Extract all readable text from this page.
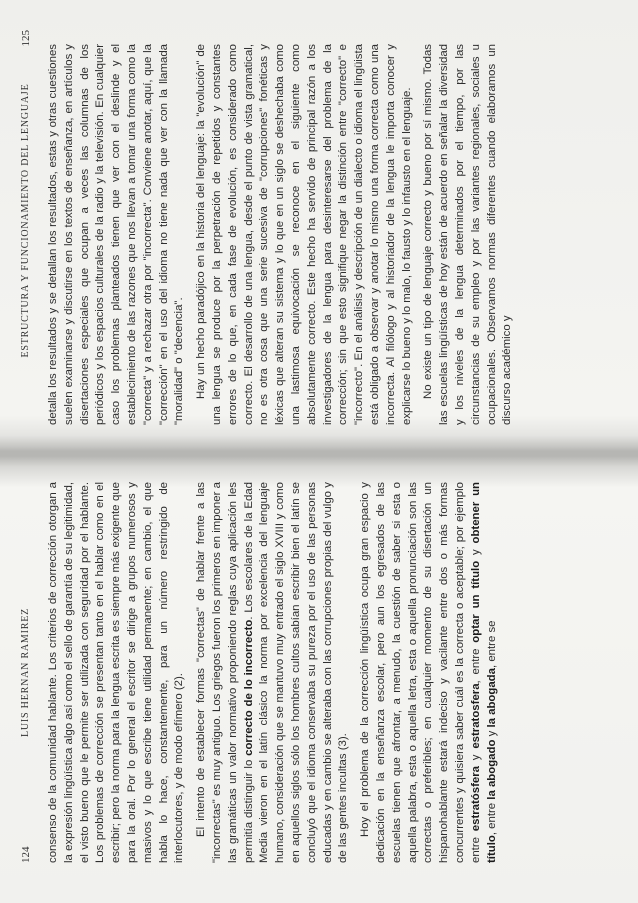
124
LUIS HERNAN RAMIREZ consenso de la comunidad hablante. Los criterios de corrección otorgan a la expresión lingüística algo así como el sello de garantía de su legitimidad, el visto bueno que le permite ser utilizada con seguridad por el hablante. Los problemas de corrección se presentan tanto en el hablar como en el escribir; pero la norma para la lengua escrita es siempre más exigente que para la oral. Por lo general el escritor se dirige a grupos numerosos y masivos y lo que escribe tiene utilidad permanente; en cambio, el que habla lo hace, constantemente, para un número restringido de interlocutores, y de modo efímero (2). El intento de establecer formas "correctas" de hablar frente a las "incorrectas" es muy antiguo. Los griegos fueron los primeros en imponer a las gramáticas un valor normativo proponiendo reglas cuya aplicación les permitía distinguir lo correcto de lo incorrecto. Los escolares de la Edad Media vieron en el latín clásico la norma por excelencia del lenguaje humano, consideración que se mantuvo muy entrado el siglo XVIII y como en aquellos siglos sólo los hombres cultos sabían escribir bien el latín se concluyó que el idioma conservaba su pureza por el uso de las personas educadas y en cambio se alteraba con las corrupciones propias del vulgo y de las gentes incultas (3). Hoy el problema de la corrección lingüística ocupa gran espacio y dedicación en la enseñanza escolar, pero aun los egresados de las escuelas tienen que afrontar, a menudo, la cuestión de saber si esta o aquella palabra, esta o aquella letra, esta o aquella pronunciación son las correctas o preferibles; en cualquier momento de su disertación un hispanohablante estará indeciso y vacilante entre dos o más formas concurrentes y quisiera saber cuál es la correcta o aceptable; por ejemplo entre estratósfera y estratosfera, entre optar un título y obtener un título, entre la abogado y la abogada, entre se

ESTRUCTURA Y FUNCIONAMIENTO DEL LENGUAJE
125

detalla los resultados y se detallan los resultados, estas y otras cuestiones suelen examinarse y discutirse en los textos de enseñanza, en artículos y disertaciones especiales que ocupan a veces las columnas de los periódicos y los espacios culturales de la radio y la televisión. En cualquier caso los problemas planteados tienen que ver con el deslinde y el establecimiento de las razones que nos llevan a tomar una forma como la "correcta" y a rechazar otra por "incorrecta". Conviene anotar, aquí, que la "corrección" en el uso del idioma no tiene nada que ver con la llamada "moralidad" o "decencia". Hay un hecho paradójico en la historia del lenguaje: la "evolución" de una lengua se produce por la perpetración de repetidos y constantes errores de lo que, en cada fase de evolución, es considerado como correcto. El desarrollo de una lengua, desde el punto de vista gramatical, no es otra cosa que una serie sucesiva de "corrupciones" fonéticas y léxicas que alteran su sistema y lo que en un siglo se deshechaba como una lastimosa equivocación se reconoce en el siguiente como absolutamente correcto. Este hecho ha servido de principal razón a los investigadores de la lengua para desinteresarse del problema de la corrección; sin que esto signifique negar la distinción entre "correcto" e "incorrecto". En el análisis y descripción de un dialecto o idioma el lingüista está obligado a observar y anotar lo mismo una forma correcta como una incorrecta. Al filólogo y al historiador de la lengua le importa conocer y explicarse lo bueno y lo malo, lo fausto y lo infausto en el lenguaje. No existe un tipo de lenguaje correcto y bueno por sí mismo. Todas las escuelas lingüísticas de hoy están de acuerdo en señalar la diversidad y los niveles de la lengua determinados por el tiempo, por las circunstancias de su empleo y por las variantes regionales, sociales u ocupacionales. Observamos normas diferentes cuando elaboramos un discurso académico y
